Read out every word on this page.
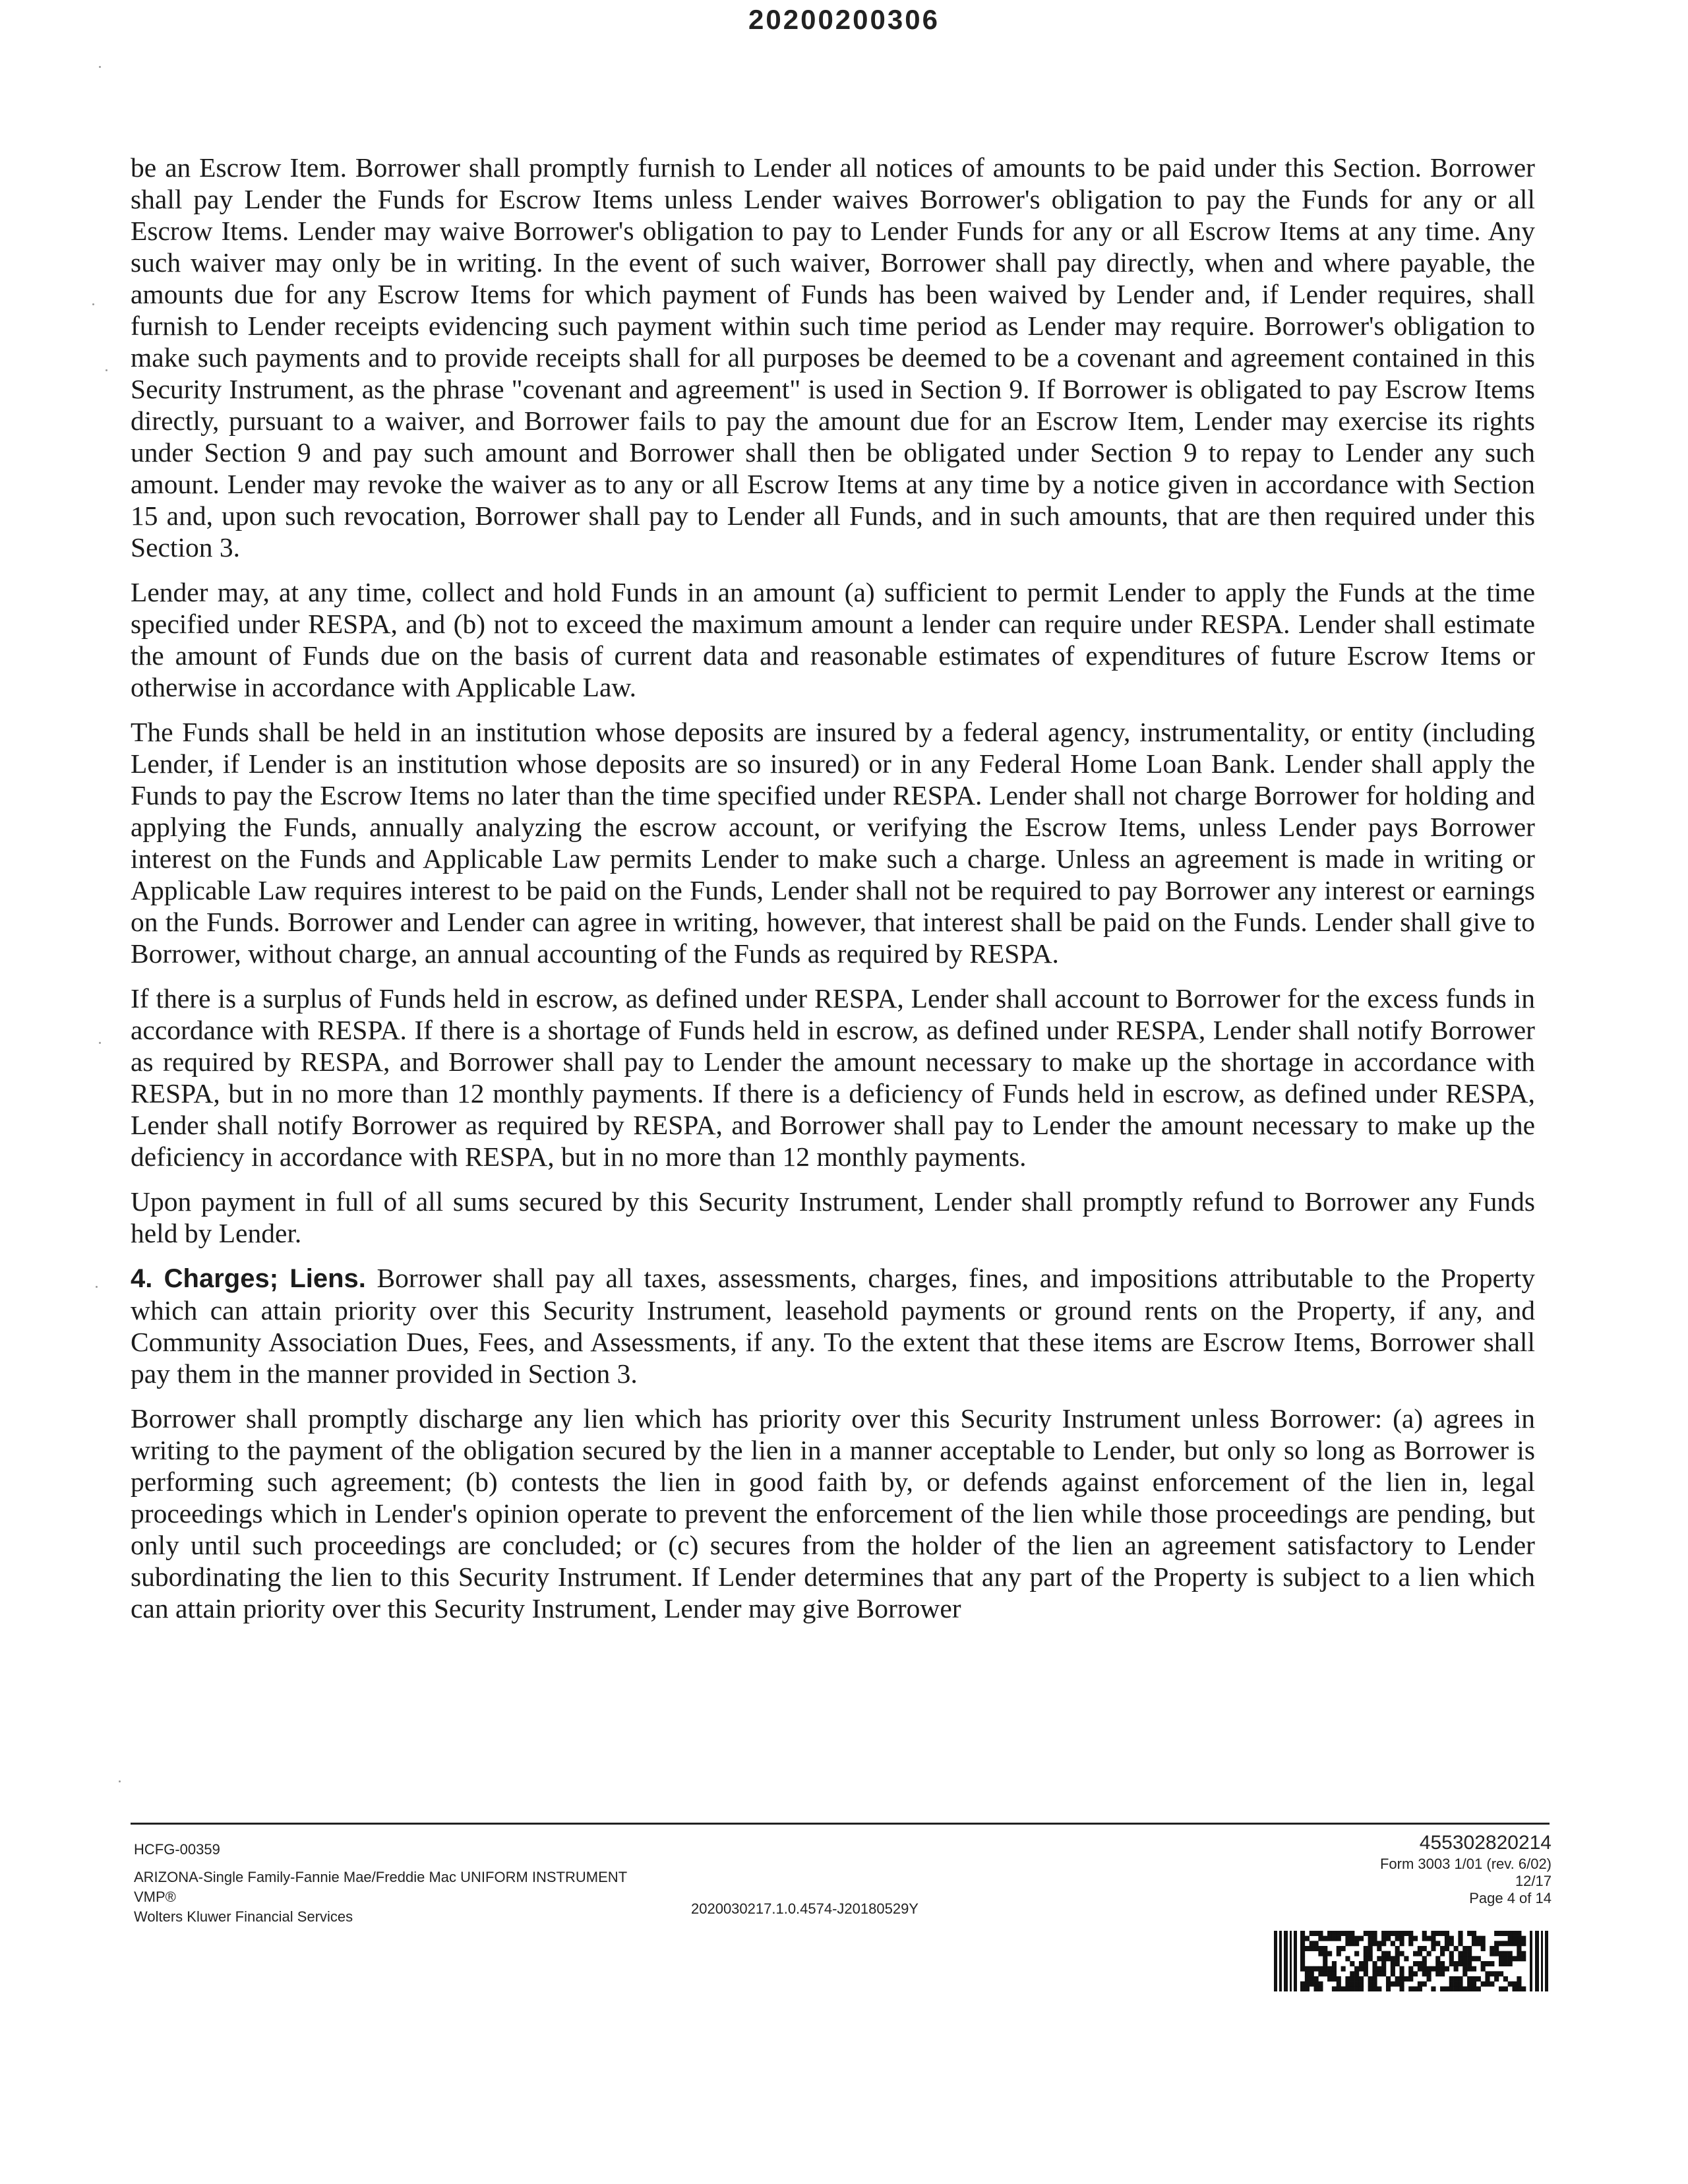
20200200306

be an Escrow Item. Borrower shall promptly furnish to Lender all notices of amounts to be paid under this Section. Borrower shall pay Lender the Funds for Escrow Items unless Lender waives Borrower's obligation to pay the Funds for any or all Escrow Items. Lender may waive Borrower's obligation to pay to Lender Funds for any or all Escrow Items at any time. Any such waiver may only be in writing. In the event of such waiver, Borrower shall pay directly, when and where payable, the amounts due for any Escrow Items for which payment of Funds has been waived by Lender and, if Lender requires, shall furnish to Lender receipts evidencing such payment within such time period as Lender may require. Borrower's obligation to make such payments and to provide receipts shall for all purposes be deemed to be a covenant and agreement contained in this Security Instrument, as the phrase "covenant and agreement" is used in Section 9. If Borrower is obligated to pay Escrow Items directly, pursuant to a waiver, and Borrower fails to pay the amount due for an Escrow Item, Lender may exercise its rights under Section 9 and pay such amount and Borrower shall then be obligated under Section 9 to repay to Lender any such amount. Lender may revoke the waiver as to any or all Escrow Items at any time by a notice given in accordance with Section 15 and, upon such revocation, Borrower shall pay to Lender all Funds, and in such amounts, that are then required under this Section 3.

Lender may, at any time, collect and hold Funds in an amount (a) sufficient to permit Lender to apply the Funds at the time specified under RESPA, and (b) not to exceed the maximum amount a lender can require under RESPA. Lender shall estimate the amount of Funds due on the basis of current data and reasonable estimates of expenditures of future Escrow Items or otherwise in accordance with Applicable Law.

The Funds shall be held in an institution whose deposits are insured by a federal agency, instrumentality, or entity (including Lender, if Lender is an institution whose deposits are so insured) or in any Federal Home Loan Bank. Lender shall apply the Funds to pay the Escrow Items no later than the time specified under RESPA. Lender shall not charge Borrower for holding and applying the Funds, annually analyzing the escrow account, or verifying the Escrow Items, unless Lender pays Borrower interest on the Funds and Applicable Law permits Lender to make such a charge. Unless an agreement is made in writing or Applicable Law requires interest to be paid on the Funds, Lender shall not be required to pay Borrower any interest or earnings on the Funds. Borrower and Lender can agree in writing, however, that interest shall be paid on the Funds. Lender shall give to Borrower, without charge, an annual accounting of the Funds as required by RESPA.

If there is a surplus of Funds held in escrow, as defined under RESPA, Lender shall account to Borrower for the excess funds in accordance with RESPA. If there is a shortage of Funds held in escrow, as defined under RESPA, Lender shall notify Borrower as required by RESPA, and Borrower shall pay to Lender the amount necessary to make up the shortage in accordance with RESPA, but in no more than 12 monthly payments. If there is a deficiency of Funds held in escrow, as defined under RESPA, Lender shall notify Borrower as required by RESPA, and Borrower shall pay to Lender the amount necessary to make up the deficiency in accordance with RESPA, but in no more than 12 monthly payments.

Upon payment in full of all sums secured by this Security Instrument, Lender shall promptly refund to Borrower any Funds held by Lender.

4. Charges; Liens. Borrower shall pay all taxes, assessments, charges, fines, and impositions attributable to the Property which can attain priority over this Security Instrument, leasehold payments or ground rents on the Property, if any, and Community Association Dues, Fees, and Assessments, if any. To the extent that these items are Escrow Items, Borrower shall pay them in the manner provided in Section 3.

Borrower shall promptly discharge any lien which has priority over this Security Instrument unless Borrower: (a) agrees in writing to the payment of the obligation secured by the lien in a manner acceptable to Lender, but only so long as Borrower is performing such agreement; (b) contests the lien in good faith by, or defends against enforcement of the lien in, legal proceedings which in Lender's opinion operate to prevent the enforcement of the lien while those proceedings are pending, but only until such proceedings are concluded; or (c) secures from the holder of the lien an agreement satisfactory to Lender subordinating the lien to this Security Instrument. If Lender determines that any part of the Property is subject to a lien which can attain priority over this Security Instrument, Lender may give Borrower

HCFG-00359
ARIZONA-Single Family-Fannie Mae/Freddie Mac UNIFORM INSTRUMENT
VMP®
Wolters Kluwer Financial Services	2020030217.1.0.4574-J20180529Y
455302820214
Form 3003 1/01 (rev. 6/02)
12/17
Page 4 of 14
